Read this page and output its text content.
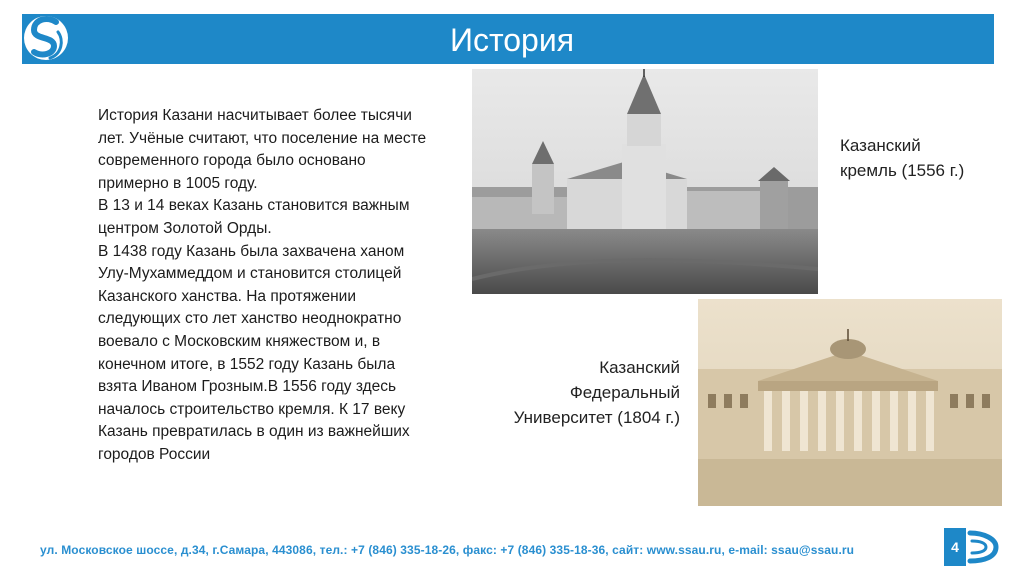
История
История Казани насчитывает более тысячи лет. Учёные считают, что поселение на месте современного города было основано примерно в 1005 году.
В 13 и 14 веках Казань становится важным центром Золотой Орды.
В 1438 году Казань была захвачена ханом Улу-Мухаммеддом и становится столицей Казанского ханства. На протяжении следующих сто лет ханство неоднократно воевало с Московским княжеством и, в конечном итоге, в 1552 году Казань была взята Иваном Грозным.В 1556 году здесь началось строительство кремля. К 17 веку Казань превратилась в один из важнейших городов России
Казанский
кремль (1556 г.)
Казанский
Федеральный
Университет (1804 г.)
ул. Московское шоссе, д.34, г.Самара, 443086, тел.: +7 (846) 335-18-26, факс: +7 (846) 335-18-36, сайт: www.ssau.ru, e-mail: ssau@ssau.ru	4
